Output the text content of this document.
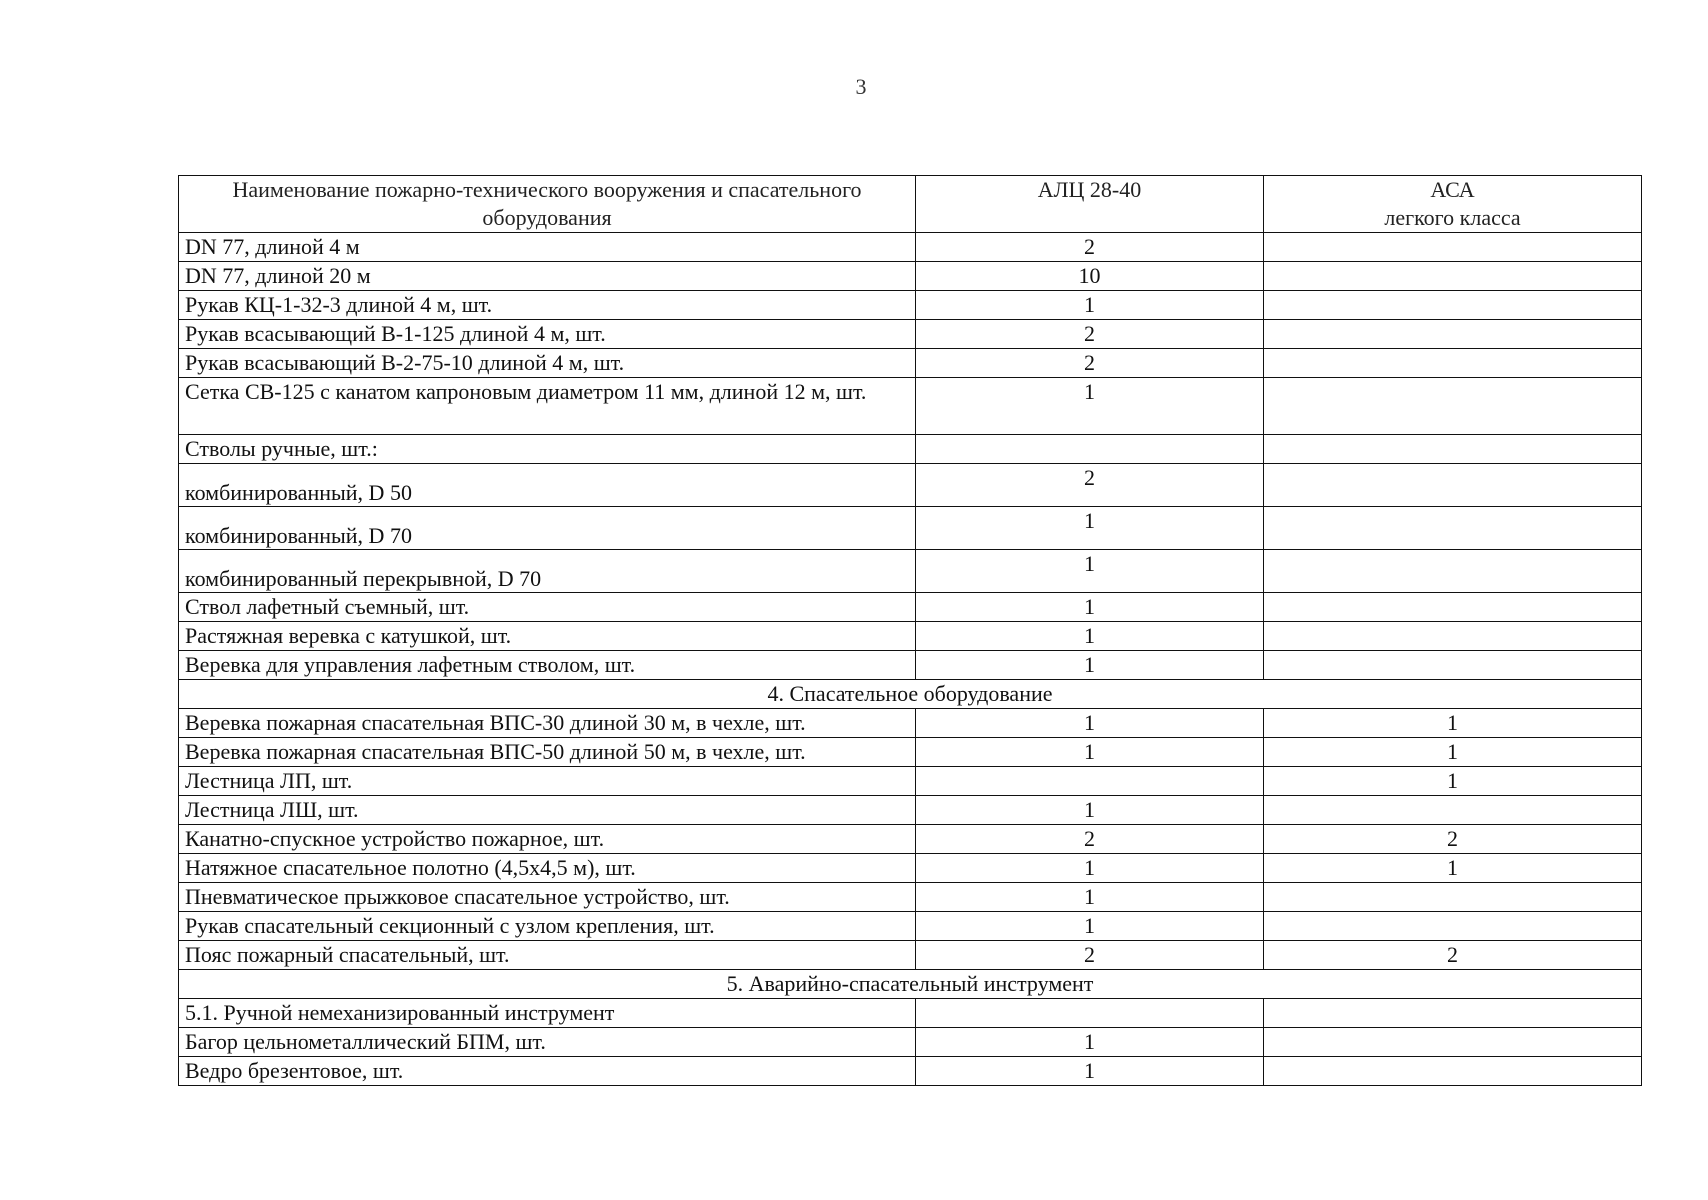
3
Наименование пожарно-технического вооружения и спасательного оборудования	АЛЦ 28-40	АСА
легкого класса
DN 77, длиной 4 м	2	
DN 77, длиной 20 м	10	
Рукав КЦ-1-32-3 длиной 4 м, шт.	1	
Рукав всасывающий В-1-125 длиной 4 м, шт.	2	
Рукав всасывающий В-2-75-10 длиной 4 м, шт.	2	
Сетка СВ-125 с канатом капроновым диаметром 11 мм, длиной 12 м, шт.	1	
Стволы ручные, шт.:		
комбинированный, D 50	2	
комбинированный, D 70	1	
комбинированный перекрывной, D 70	1	
Ствол лафетный съемный, шт.	1	
Растяжная веревка с катушкой, шт.	1	
Веревка для управления лафетным стволом, шт.	1	
4. Спасательное оборудование		
Веревка пожарная спасательная ВПС-30 длиной 30 м, в чехле, шт.	1	1
Веревка пожарная спасательная ВПС-50 длиной 50 м, в чехле, шт.	1	1
Лестница ЛП, шт.		1
Лестница ЛШ, шт.	1	
Канатно-спускное устройство пожарное, шт.	2	2
Натяжное спасательное полотно (4,5х4,5 м), шт.	1	1
Пневматическое прыжковое спасательное устройство, шт.	1	
Рукав спасательный секционный с узлом крепления, шт.	1	
Пояс пожарный спасательный, шт.	2	2
5. Аварийно-спасательный инструмент		
5.1. Ручной немеханизированный инструмент		
Багор цельнометаллический БПМ, шт.	1	
Ведро брезентовое, шт.	1	
